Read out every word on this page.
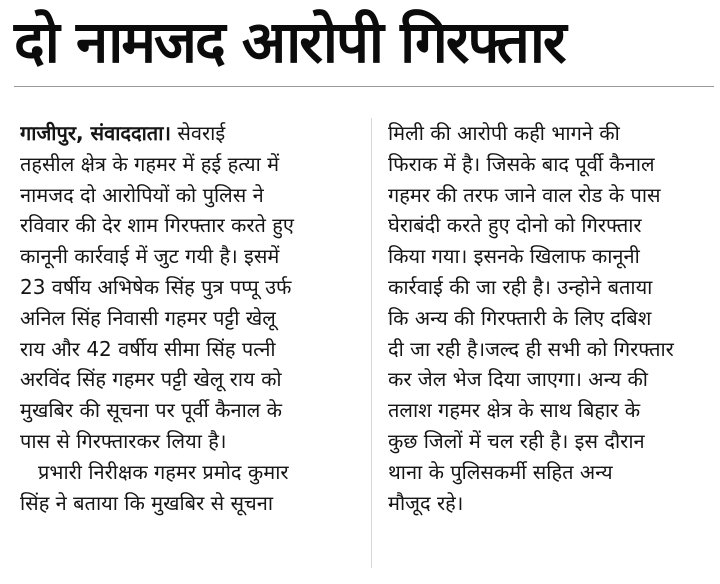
दो नामजद आरोपी गिरफ्तार
गाजीपुर, संवाददाता। सेवराई
तहसील क्षेत्र के गहमर में हई हत्या में
नामजद दो आरोपियों को पुलिस ने
रविवार की देर शाम गिरफ्तार करते हुए
कानूनी कार्रवाई में जुट गयी है। इसमें
23 वर्षीय अभिषेक सिंह पुत्र पप्पू उर्फ
अनिल सिंह निवासी गहमर पट्टी खेलू
राय और 42 वर्षीय सीमा सिंह पत्नी
अरविंद सिंह गहमर पट्टी खेलू राय को
मुखबिर की सूचना पर पूर्वी कैनाल के
पास से गिरफ्तारकर लिया है।
प्रभारी निरीक्षक गहमर प्रमोद कुमार
सिंह ने बताया कि मुखबिर से सूचना
मिली की आरोपी कही भागने की
फिराक में है। जिसके बाद पूर्वी कैनाल
गहमर की तरफ जाने वाल रोड के पास
घेराबंदी करते हुए दोनो को गिरफ्तार
किया गया। इसनके खिलाफ कानूनी
कार्रवाई की जा रही है। उन्होने बताया
कि अन्य की गिरफ्तारी के लिए दबिश
दी जा रही है।जल्द ही सभी को गिरफ्तार
कर जेल भेज दिया जाएगा। अन्य की
तलाश गहमर क्षेत्र के साथ बिहार के
कुछ जिलों में चल रही है। इस दौरान
थाना के पुलिसकर्मी सहित अन्य
मौजूद रहे।
